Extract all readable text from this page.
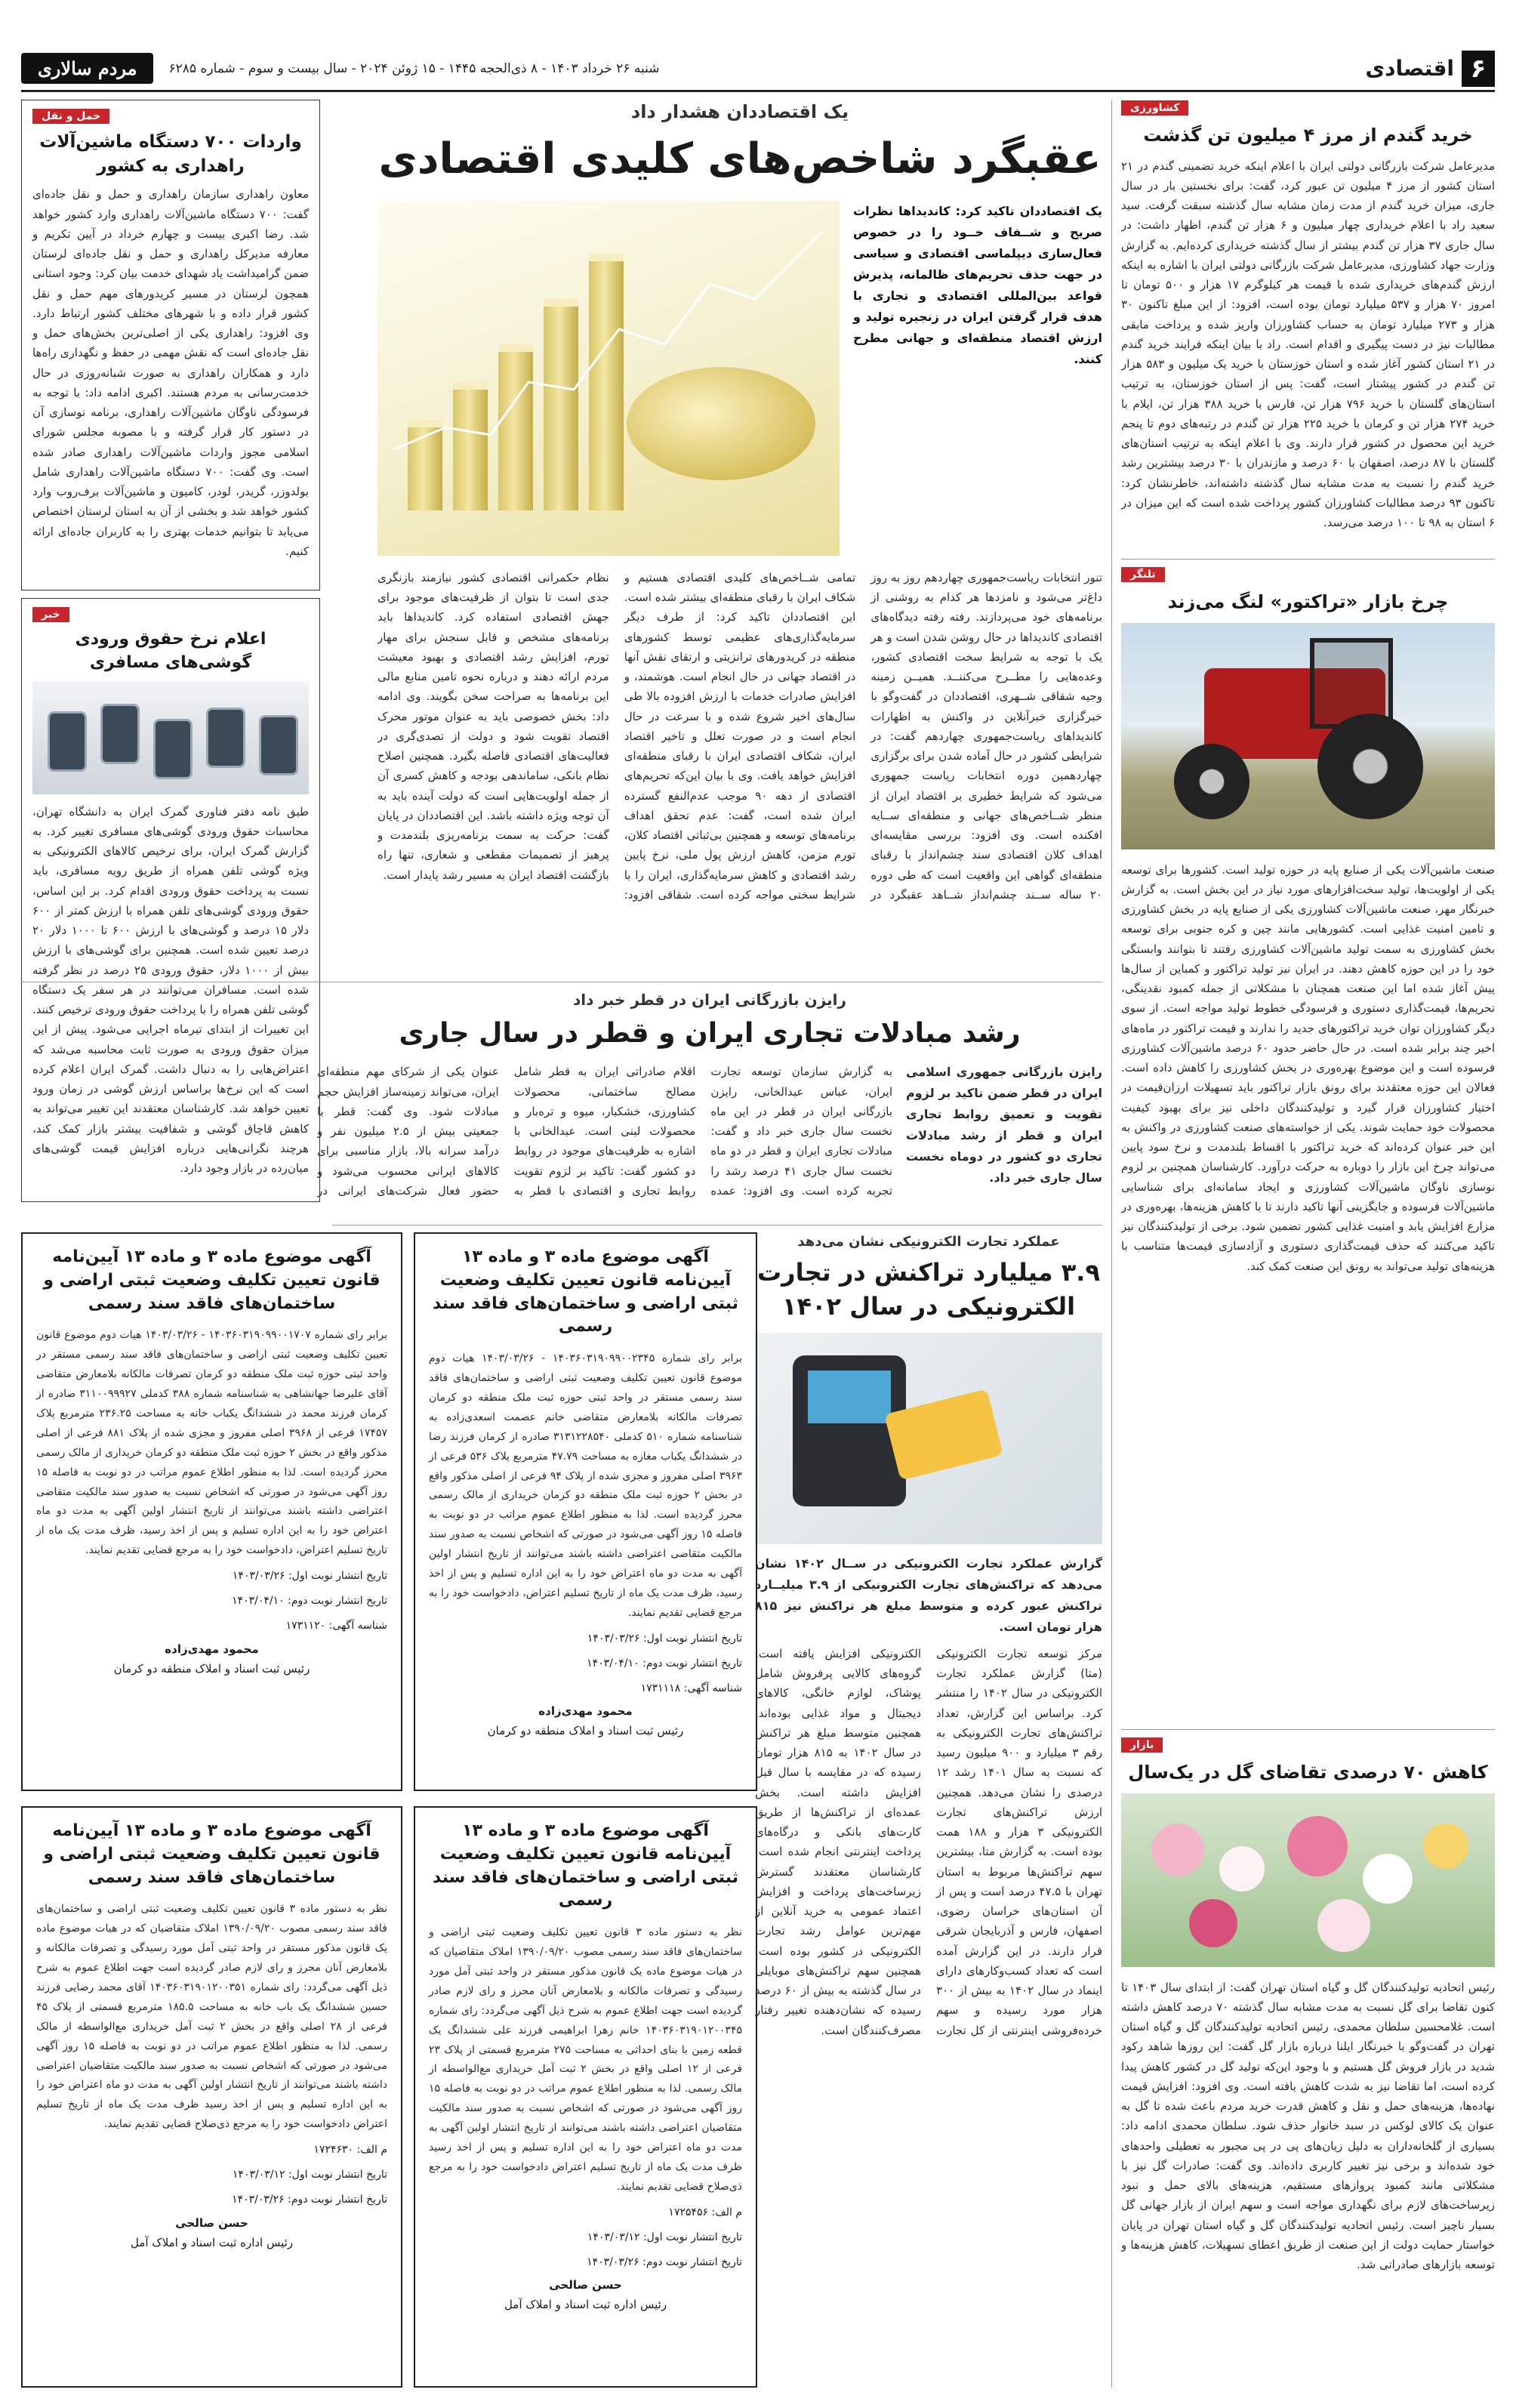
۶
اقتصادی
شنبه ۲۶ خرداد ۱۴۰۳ - ۸ ذی‌الحجه ۱۴۴۵ - ۱۵ ژوئن ۲۰۲۴ - سال بیست و سوم - شماره ۶۲۸۵
مردم سالاری
کشاورزی
خرید گندم از مرز ۴ میلیون تن گذشت
مدیرعامل شرکت بازرگانی دولتی ایران با اعلام اینکه خرید تضمینی گندم در ۲۱ استان کشور از مرز ۴ میلیون تن عبور کرد، گفت: برای نخستین بار در سال جاری، میزان خرید گندم از مدت زمان مشابه سال گذشته سبقت گرفت. سید سعید راد با اعلام خریداری چهار میلیون و ۶ هزار تن گندم، اظهار داشت: در سال جاری ۳۷ هزار تن گندم بیشتر از سال گذشته خریداری کرده‌ایم. به گزارش وزارت جهاد کشاورزی، مدیرعامل شرکت بازرگانی دولتی ایران با اشاره به اینکه ارزش گندم‌های خریداری شده با قیمت هر کیلوگرم ۱۷ هزار و ۵۰۰ تومان تا امروز ۷۰ هزار و ۵۳۷ میلیارد تومان بوده است، افزود: از این مبلغ تاکنون ۳۰ هزار و ۲۷۳ میلیارد تومان به حساب کشاورزان واریز شده و پرداخت مابقی مطالبات نیز در دست پیگیری و اقدام است. راد با بیان اینکه فرایند خرید گندم در ۲۱ استان کشور آغاز شده و استان خوزستان با خرید یک میلیون و ۵۸۳ هزار تن گندم در کشور پیشتاز است، گفت: پس از استان خوزستان، به ترتیب استان‌های گلستان با خرید ۷۹۶ هزار تن، فارس با خرید ۳۸۸ هزار تن، ایلام با خرید ۲۷۴ هزار تن و کرمان با خرید ۲۲۵ هزار تن گندم در رتبه‌های دوم تا پنجم خرید این محصول در کشور قرار دارند. وی با اعلام اینکه به ترتیب استان‌های گلستان با ۸۷ درصد، اصفهان با ۶۰ درصد و مازندران با ۳۰ درصد بیشترین رشد خرید گندم را نسبت به مدت مشابه سال گذشته داشته‌اند، خاطرنشان کرد: تاکنون ۹۳ درصد مطالبات کشاورزان کشور پرداخت شده است که این میزان در ۶ استان به ۹۸ تا ۱۰۰ درصد می‌رسد.
تلنگر
چرخ بازار «تراکتور» لنگ می‌زند
صنعت ماشین‌آلات یکی از صنایع پایه در حوزه تولید است. کشورها برای توسعه یکی از اولویت‌ها، تولید سخت‌افزارهای مورد نیاز در این بخش است. به گزارش خبرنگار مهر، صنعت ماشین‌آلات کشاورزی یکی از صنایع پایه در بخش کشاورزی و تامین امنیت غذایی است. کشورهایی مانند چین و کره جنوبی برای توسعه بخش کشاورزی به سمت تولید ماشین‌آلات کشاورزی رفتند تا بتوانند وابستگی خود را در این حوزه کاهش دهند. در ایران نیز تولید تراکتور و کمباین از سال‌ها پیش آغاز شده اما این صنعت همچنان با مشکلاتی از جمله کمبود نقدینگی، تحریم‌ها، قیمت‌گذاری دستوری و فرسودگی خطوط تولید مواجه است. از سوی دیگر کشاورزان توان خرید تراکتورهای جدید را ندارند و قیمت تراکتور در ماه‌های اخیر چند برابر شده است. در حال حاضر حدود ۶۰ درصد ماشین‌آلات کشاورزی فرسوده است و این موضوع بهره‌وری در بخش کشاورزی را کاهش داده است. فعالان این حوزه معتقدند برای رونق بازار تراکتور باید تسهیلات ارزان‌قیمت در اختیار کشاورزان قرار گیرد و تولیدکنندگان داخلی نیز برای بهبود کیفیت محصولات خود حمایت شوند. یکی از خواسته‌های صنعت کشاورزی در واکنش به این خبر عنوان کرده‌اند که خرید تراکتور با اقساط بلندمدت و نرخ سود پایین می‌تواند چرخ این بازار را دوباره به حرکت درآورد. کارشناسان همچنین بر لزوم نوسازی ناوگان ماشین‌آلات کشاورزی و ایجاد سامانه‌ای برای شناسایی ماشین‌آلات فرسوده و جایگزینی آنها تاکید دارند تا با کاهش هزینه‌ها، بهره‌وری در مزارع افزایش یابد و امنیت غذایی کشور تضمین شود. برخی از تولیدکنندگان نیز تاکید می‌کنند که حذف قیمت‌گذاری دستوری و آزادسازی قیمت‌ها متناسب با هزینه‌های تولید می‌تواند به رونق این صنعت کمک کند.
بازار
کاهش ۷۰ درصدی تقاضای گل در یک‌سال
رئیس اتحادیه تولیدکنندگان گل و گیاه استان تهران گفت: از ابتدای سال ۱۴۰۳ تا کنون تقاضا برای گل نسبت به مدت مشابه سال گذشته ۷۰ درصد کاهش داشته است. غلامحسین سلطان محمدی، رئیس اتحادیه تولیدکنندگان گل و گیاه استان تهران در گفت‌وگو با خبرنگار ایلنا درباره بازار گل گفت: این روزها شاهد رکود شدید در بازار فروش گل هستیم و با وجود این‌که تولید گل در کشور کاهش پیدا کرده است، اما تقاضا نیز به شدت کاهش یافته است. وی افزود: افزایش قیمت نهاده‌ها، هزینه‌های حمل و نقل و کاهش قدرت خرید مردم باعث شده تا گل به عنوان یک کالای لوکس در سبد خانوار حذف شود. سلطان محمدی ادامه داد: بسیاری از گلخانه‌داران به دلیل زیان‌های پی در پی مجبور به تعطیلی واحدهای خود شده‌اند و برخی نیز تغییر کاربری داده‌اند. وی گفت: صادرات گل نیز با مشکلاتی مانند کمبود پروازهای مستقیم، هزینه‌های بالای حمل و نبود زیرساخت‌های لازم برای نگهداری مواجه است و سهم ایران از بازار جهانی گل بسیار ناچیز است. رئیس اتحادیه تولیدکنندگان گل و گیاه استان تهران در پایان خواستار حمایت دولت از این صنعت از طریق اعطای تسهیلات، کاهش هزینه‌ها و توسعه بازارهای صادراتی شد.
یک اقتصاددان هشدار داد
عقبگرد شاخص‌های کلیدی اقتصادی
یک اقتصاددان تاکید کرد: کاندیداها نظرات صریح و شــفاف خــود را در خصوص فعال‌سازی دیپلماسی اقتصادی و سیاسی در جهت حذف تحریم‌های ظالمانه، پذیرش قواعد بین‌المللی اقتصادی و تجاری با هدف قرار گرفتن ایران در زنجیره تولید و ارزش اقتصاد منطقه‌ای و جهانی مطرح کنند.
تنور انتخابات ریاست‌جمهوری چهاردهم روز به روز داغ‌تر می‌شود و نامزدها هر کدام به روشنی از برنامه‌های خود می‌پردازند. رفته رفته دیدگاه‌های اقتصادی کاندیداها در حال روشن شدن است و هر یک با توجه به شرایط سخت اقتصادی کشور، وعده‌هایی را مطــرح می‌کننــد. همیــن زمینه وجیه شقاقی شــهری، اقتصاددان در گفت‌وگو با خبرگزاری خبرآنلاین در واکنش به اظهارات کاندیداهای ریاست‌جمهوری چهاردهم گفت: در شرایطی کشور در حال آماده شدن برای برگزاری چهاردهمین دوره انتخابات ریاست جمهوری می‌شود که شرایط خطیری بر اقتصاد ایران از منظر شــاخص‌های جهانی و منطقه‌ای ســایه افکنده است. وی افزود: بررسی مقایسه‌ای اهداف کلان اقتصادی سند چشم‌انداز با رقبای منطقه‌ای گواهی این واقعیت است که طی دوره ۲۰ ساله ســند چشم‌انداز شــاهد عقبگرد در تمامی شــاخص‌های کلیدی اقتصادی هستیم و شکاف ایران با رقبای منطقه‌ای بیشتر شده است. این اقتصاددان تاکید کرد: از طرف دیگر سرمایه‌گذاری‌های عظیمی توسط کشورهای منطقه در کریدورهای ترانزیتی و ارتقای نقش آنها در اقتصاد جهانی در حال انجام است. هوشمند، و افزایش صادرات خدمات با ارزش افزوده بالا طی سال‌های اخیر شروع شده و با سرعت در حال انجام است و در صورت تعلل و تاخیر اقتصاد ایران، شکاف اقتصادی ایران با رقبای منطقه‌ای افزایش خواهد یافت. وی با بیان این‌که تحریم‌های اقتصادی از دهه ۹۰ موجب عدم‌النفع گسترده ایران شده است، گفت: عدم تحقق اهداف برنامه‌های توسعه و همچنین بی‌ثباتی اقتصاد کلان، تورم مزمن، کاهش ارزش پول ملی، نرخ پایین رشد اقتصادی و کاهش سرمایه‌گذاری، ایران را با شرایط سختی مواجه کرده است. شقاقی افزود: نظام حکمرانی اقتصادی کشور نیازمند بازنگری جدی است تا بتوان از ظرفیت‌های موجود برای جهش اقتصادی استفاده کرد. کاندیداها باید برنامه‌های مشخص و قابل سنجش برای مهار تورم، افزایش رشد اقتصادی و بهبود معیشت مردم ارائه دهند و درباره نحوه تامین منابع مالی این برنامه‌ها به صراحت سخن بگویند. وی ادامه داد: بخش خصوصی باید به عنوان موتور محرک اقتصاد تقویت شود و دولت از تصدی‌گری در فعالیت‌های اقتصادی فاصله بگیرد. همچنین اصلاح نظام بانکی، ساماندهی بودجه و کاهش کسری آن از جمله اولویت‌هایی است که دولت آینده باید به آن توجه ویژه داشته باشد. این اقتصاددان در پایان گفت: حرکت به سمت برنامه‌ریزی بلندمدت و پرهیز از تصمیمات مقطعی و شعاری، تنها راه بازگشت اقتصاد ایران به مسیر رشد پایدار است.
حمل و نقل
واردات ۷۰۰ دستگاه ماشین‌آلات راهداری به کشور
معاون راهداری سازمان راهداری و حمل و نقل جاده‌ای گفت: ۷۰۰ دستگاه ماشین‌آلات راهداری وارد کشور خواهد شد. رضا اکبری بیست و چهارم خرداد در آیین تکریم و معارفه مدیرکل راهداری و حمل و نقل جاده‌ای لرستان ضمن گرامیداشت یاد شهدای خدمت بیان کرد: وجود استانی همچون لرستان در مسیر کریدورهای مهم حمل و نقل کشور قرار داده و با شهرهای مختلف کشور ارتباط دارد. وی افزود: راهداری یکی از اصلی‌ترین بخش‌های حمل و نقل جاده‌ای است که نقش مهمی در حفظ و نگهداری راه‌ها دارد و همکاران راهداری به صورت شبانه‌روزی در حال خدمت‌رسانی به مردم هستند. اکبری ادامه داد: با توجه به فرسودگی ناوگان ماشین‌آلات راهداری، برنامه نوسازی آن در دستور کار قرار گرفته و با مصوبه مجلس شورای اسلامی مجوز واردات ماشین‌آلات راهداری صادر شده است. وی گفت: ۷۰۰ دستگاه ماشین‌آلات راهداری شامل بولدوزر، گریدر، لودر، کامیون و ماشین‌آلات برف‌روب وارد کشور خواهد شد و بخشی از آن به استان لرستان اختصاص می‌یابد تا بتوانیم خدمات بهتری را به کاربران جاده‌ای ارائه کنیم.
خبر
اعلام نرخ حقوق ورودی گوشی‌های مسافری
طبق نامه دفتر فناوری گمرک ایران به دانشگاه تهران، محاسبات حقوق ورودی گوشی‌های مسافری تغییر کرد. به گزارش گمرک ایران، برای ترخیص کالاهای الکترونیکی به ویژه گوشی تلفن همراه از طریق رویه مسافری، باید نسبت به پرداخت حقوق ورودی اقدام کرد. بر این اساس، حقوق ورودی گوشی‌های تلفن همراه با ارزش کمتر از ۶۰۰ دلار ۱۵ درصد و گوشی‌های با ارزش ۶۰۰ تا ۱۰۰۰ دلار ۲۰ درصد تعیین شده است. همچنین برای گوشی‌های با ارزش بیش از ۱۰۰۰ دلار، حقوق ورودی ۲۵ درصد در نظر گرفته شده است. مسافران می‌توانند در هر سفر یک دستگاه گوشی تلفن همراه را با پرداخت حقوق ورودی ترخیص کنند. این تغییرات از ابتدای تیرماه اجرایی می‌شود. پیش از این میزان حقوق ورودی به صورت ثابت محاسبه می‌شد که اعتراض‌هایی را به دنبال داشت. گمرک ایران اعلام کرده است که این نرخ‌ها براساس ارزش گوشی در زمان ورود تعیین خواهد شد. کارشناسان معتقدند این تغییر می‌تواند به کاهش قاچاق گوشی و شفافیت بیشتر بازار کمک کند، هرچند نگرانی‌هایی درباره افزایش قیمت گوشی‌های میان‌رده در بازار وجود دارد.
رایزن بازرگانی ایران در قطر خبر داد
رشد مبادلات تجاری ایران و قطر در سال جاری
رایزن بازرگانی جمهوری اسلامی ایران در قطر ضمن تاکید بر لزوم تقویت و تعمیق روابط تجاری ایران و قطر از رشد مبادلات تجاری دو کشور در دوماه نخست سال جاری خبر داد.
به گزارش سازمان توسعه تجارت ایران، عباس عبدالخانی، رایزن بازرگانی ایران در قطر در این ماه نخست سال جاری خبر داد و گفت: مبادلات تجاری ایران و قطر در دو ماه نخست سال جاری ۴۱ درصد رشد را تجربه کرده است. وی افزود: عمده اقلام صادراتی ایران به قطر شامل مصالح ساختمانی، محصولات کشاورزی، خشکبار، میوه و تره‌بار و محصولات لبنی است. عبدالخانی با اشاره به ظرفیت‌های موجود در روابط دو کشور گفت: تاکید بر لزوم تقویت روابط تجاری و اقتصادی با قطر به عنوان یکی از شرکای مهم منطقه‌ای ایران، می‌تواند زمینه‌ساز افزایش حجم مبادلات شود. وی گفت: قطر با جمعیتی بیش از ۲.۵ میلیون نفر و درآمد سرانه بالا، بازار مناسبی برای کالاهای ایرانی محسوب می‌شود و حضور فعال شرکت‌های ایرانی در
عملکرد تجارت الکترونیکی نشان می‌دهد
۳.۹ میلیارد تراکنش در تجارت الکترونیکی در سال ۱۴۰۲
گزارش عملکرد تجارت الکترونیکی در ســال ۱۴۰۲ نشان می‌دهد که تراکنش‌های تجارت الکترونیکی از ۳.۹ میلیــارد تراکنش عبور کرده و متوسط مبلغ هر تراکنش نیز ۸۱۵ هزار تومان است.
مرکز توسعه تجارت الکترونیکی (متا) گزارش عملکرد تجارت الکترونیکی در سال ۱۴۰۲ را منتشر کرد. براساس این گزارش، تعداد تراکنش‌های تجارت الکترونیکی به رقم ۳ میلیارد و ۹۰۰ میلیون رسید که نسبت به سال ۱۴۰۱ رشد ۱۲ درصدی را نشان می‌دهد. همچنین ارزش تراکنش‌های تجارت الکترونیکی ۳ هزار و ۱۸۸ همت بوده است. به گزارش متا، بیشترین سهم تراکنش‌ها مربوط به استان تهران با ۴۷.۵ درصد است و پس از آن استان‌های خراسان رضوی، اصفهان، فارس و آذربایجان شرقی قرار دارند. در این گزارش آمده است که تعداد کسب‌وکارهای دارای اینماد در سال ۱۴۰۲ به بیش از ۳۰۰ هزار مورد رسیده و سهم خرده‌فروشی اینترنتی از کل تجارت الکترونیکی افزایش یافته است. گروه‌های کالایی پرفروش شامل پوشاک، لوازم خانگی، کالاهای دیجیتال و مواد غذایی بوده‌اند. همچنین متوسط مبلغ هر تراکنش در سال ۱۴۰۲ به ۸۱۵ هزار تومان رسیده که در مقایسه با سال قبل افزایش داشته است. بخش عمده‌ای از تراکنش‌ها از طریق کارت‌های بانکی و درگاه‌های پرداخت اینترنتی انجام شده است. کارشناسان معتقدند گسترش زیرساخت‌های پرداخت و افزایش اعتماد عمومی به خرید آنلاین از مهم‌ترین عوامل رشد تجارت الکترونیکی در کشور بوده است. همچنین سهم تراکنش‌های موبایلی در سال گذشته به بیش از ۶۰ درصد رسیده که نشان‌دهنده تغییر رفتار مصرف‌کنندگان است.
آگهی موضوع ماده ۳ و ماده ۱۳ آیین‌نامه قانون تعیین تکلیف وضعیت ثبتی اراضی و ساختمان‌های فاقد سند رسمی
برابر رای شماره ۱۴۰۳۶۰۳۱۹۰۹۹۰۰۲۳۴۵ - ۱۴۰۳/۰۳/۲۶ هیات دوم موضوع قانون تعیین تکلیف وضعیت ثبتی اراضی و ساختمان‌های فاقد سند رسمی مستقر در واحد ثبتی حوزه ثبت ملک منطقه دو کرمان تصرفات مالکانه بلامعارض متقاضی خانم عصمت اسعدی‌زاده به شناسنامه شماره ۵۱۰ کدملی ۳۱۳۱۲۲۸۵۴۰ صادره از کرمان فرزند رضا در ششدانگ یکباب مغازه به مساحت ۴۷.۷۹ مترمربع پلاک ۵۳۶ فرعی از ۳۹۶۳ اصلی مفروز و مجزی شده از پلاک ۹۴ فرعی از اصلی مذکور واقع در بخش ۲ حوزه ثبت ملک منطقه دو کرمان خریداری از مالک رسمی محرز گردیده است. لذا به منظور اطلاع عموم مراتب در دو نوبت به فاصله ۱۵ روز آگهی می‌شود در صورتی که اشخاص نسبت به صدور سند مالکیت متقاضی اعتراضی داشته باشند می‌توانند از تاریخ انتشار اولین آگهی به مدت دو ماه اعتراض خود را به این اداره تسلیم و پس از اخذ رسید، ظرف مدت یک ماه از تاریخ تسلیم اعتراض، دادخواست خود را به مرجع قضایی تقدیم نمایند.
تاریخ انتشار نوبت اول: ۱۴۰۳/۰۳/۲۶
تاریخ انتشار نوبت دوم: ۱۴۰۳/۰۴/۱۰
شناسه آگهی: ۱۷۳۱۱۱۸
محمود مهدی‌زاده
رئیس ثبت اسناد و املاک منطقه دو کرمان
آگهی موضوع ماده ۳ و ماده ۱۳ آیین‌نامه قانون تعیین تکلیف وضعیت ثبتی اراضی و ساختمان‌های فاقد سند رسمی
برابر رای شماره ۱۴۰۳۶۰۳۱۹۰۹۹۰۰۱۷۰۷ - ۱۴۰۳/۰۳/۲۶ هیات دوم موضوع قانون تعیین تکلیف وضعیت ثبتی اراضی و ساختمان‌های فاقد سند رسمی مستقر در واحد ثبتی حوزه ثبت ملک منطقه دو کرمان تصرفات مالکانه بلامعارض متقاضی آقای علیرضا جهانشاهی به شناسنامه شماره ۳۸۸ کدملی ۳۱۱۰۰۹۹۹۲۷ صادره از کرمان فرزند محمد در ششدانگ یکباب خانه به مساحت ۲۳۶.۲۵ مترمربع پلاک ۱۷۴۵۷ فرعی از ۳۹۶۸ اصلی مفروز و مجزی شده از پلاک ۸۸۱ فرعی از اصلی مذکور واقع در بخش ۲ حوزه ثبت ملک منطقه دو کرمان خریداری از مالک رسمی محرز گردیده است. لذا به منظور اطلاع عموم مراتب در دو نوبت به فاصله ۱۵ روز آگهی می‌شود در صورتی که اشخاص نسبت به صدور سند مالکیت متقاضی اعتراضی داشته باشند می‌توانند از تاریخ انتشار اولین آگهی به مدت دو ماه اعتراض خود را به این اداره تسلیم و پس از اخذ رسید، ظرف مدت یک ماه از تاریخ تسلیم اعتراض، دادخواست خود را به مرجع قضایی تقدیم نمایند.
تاریخ انتشار نوبت اول: ۱۴۰۳/۰۳/۲۶
تاریخ انتشار نوبت دوم: ۱۴۰۳/۰۴/۱۰
شناسه آگهی: ۱۷۳۱۱۲۰
محمود مهدی‌زاده
رئیس ثبت اسناد و املاک منطقه دو کرمان
آگهی موضوع ماده ۳ و ماده ۱۳ آیین‌نامه قانون تعیین تکلیف وضعیت ثبتی اراضی و ساختمان‌های فاقد سند رسمی
نظر به دستور ماده ۳ قانون تعیین تکلیف وضعیت ثبتی اراضی و ساختمان‌های فاقد سند رسمی مصوب ۱۳۹۰/۰۹/۲۰ املاک متقاضیان که در هیات موضوع ماده یک قانون مذکور مستقر در واحد ثبتی آمل مورد رسیدگی و تصرفات مالکانه و بلامعارض آنان محرز و رای لازم صادر گردیده است جهت اطلاع عموم به شرح ذیل آگهی می‌گردد: رای شماره ۱۴۰۳۶۰۳۱۹۰۱۲۰۰۳۴۵ خانم زهرا ابراهیمی فرزند علی ششدانگ یک قطعه زمین با بنای احداثی به مساحت ۲۷۵ مترمربع قسمتی از پلاک ۲۳ فرعی از ۱۲ اصلی واقع در بخش ۲ ثبت آمل خریداری مع‌الواسطه از مالک رسمی. لذا به منظور اطلاع عموم مراتب در دو نوبت به فاصله ۱۵ روز آگهی می‌شود در صورتی که اشخاص نسبت به صدور سند مالکیت متقاضیان اعتراضی داشته باشند می‌توانند از تاریخ انتشار اولین آگهی به مدت دو ماه اعتراض خود را به این اداره تسلیم و پس از اخذ رسید ظرف مدت یک ماه از تاریخ تسلیم اعتراض دادخواست خود را به مرجع ذی‌صلاح قضایی تقدیم نمایند.
م الف: ۱۷۲۵۴۵۶
تاریخ انتشار نوبت اول: ۱۴۰۳/۰۳/۱۲
تاریخ انتشار نوبت دوم: ۱۴۰۳/۰۳/۲۶
حسن صالحی
رئیس اداره ثبت اسناد و املاک آمل
آگهی موضوع ماده ۳ و ماده ۱۳ آیین‌نامه قانون تعیین تکلیف وضعیت ثبتی اراضی و ساختمان‌های فاقد سند رسمی
نظر به دستور ماده ۳ قانون تعیین تکلیف وضعیت ثبتی اراضی و ساختمان‌های فاقد سند رسمی مصوب ۱۳۹۰/۰۹/۲۰ املاک متقاضیان که در هیات موضوع ماده یک قانون مذکور مستقر در واحد ثبتی آمل مورد رسیدگی و تصرفات مالکانه و بلامعارض آنان محرز و رای لازم صادر گردیده است جهت اطلاع عموم به شرح ذیل آگهی می‌گردد: رای شماره ۱۴۰۳۶۰۳۱۹۰۱۲۰۰۳۵۱ آقای محمد رضایی فرزند حسین ششدانگ یک باب خانه به مساحت ۱۸۵.۵ مترمربع قسمتی از پلاک ۴۵ فرعی از ۲۸ اصلی واقع در بخش ۲ ثبت آمل خریداری مع‌الواسطه از مالک رسمی. لذا به منظور اطلاع عموم مراتب در دو نوبت به فاصله ۱۵ روز آگهی می‌شود در صورتی که اشخاص نسبت به صدور سند مالکیت متقاضیان اعتراضی داشته باشند می‌توانند از تاریخ انتشار اولین آگهی به مدت دو ماه اعتراض خود را به این اداره تسلیم و پس از اخذ رسید ظرف مدت یک ماه از تاریخ تسلیم اعتراض دادخواست خود را به مرجع ذی‌صلاح قضایی تقدیم نمایند.
م الف: ۱۷۲۴۶۳۰
تاریخ انتشار نوبت اول: ۱۴۰۳/۰۳/۱۲
تاریخ انتشار نوبت دوم: ۱۴۰۳/۰۳/۲۶
حسن صالحی
رئیس اداره ثبت اسناد و املاک آمل
